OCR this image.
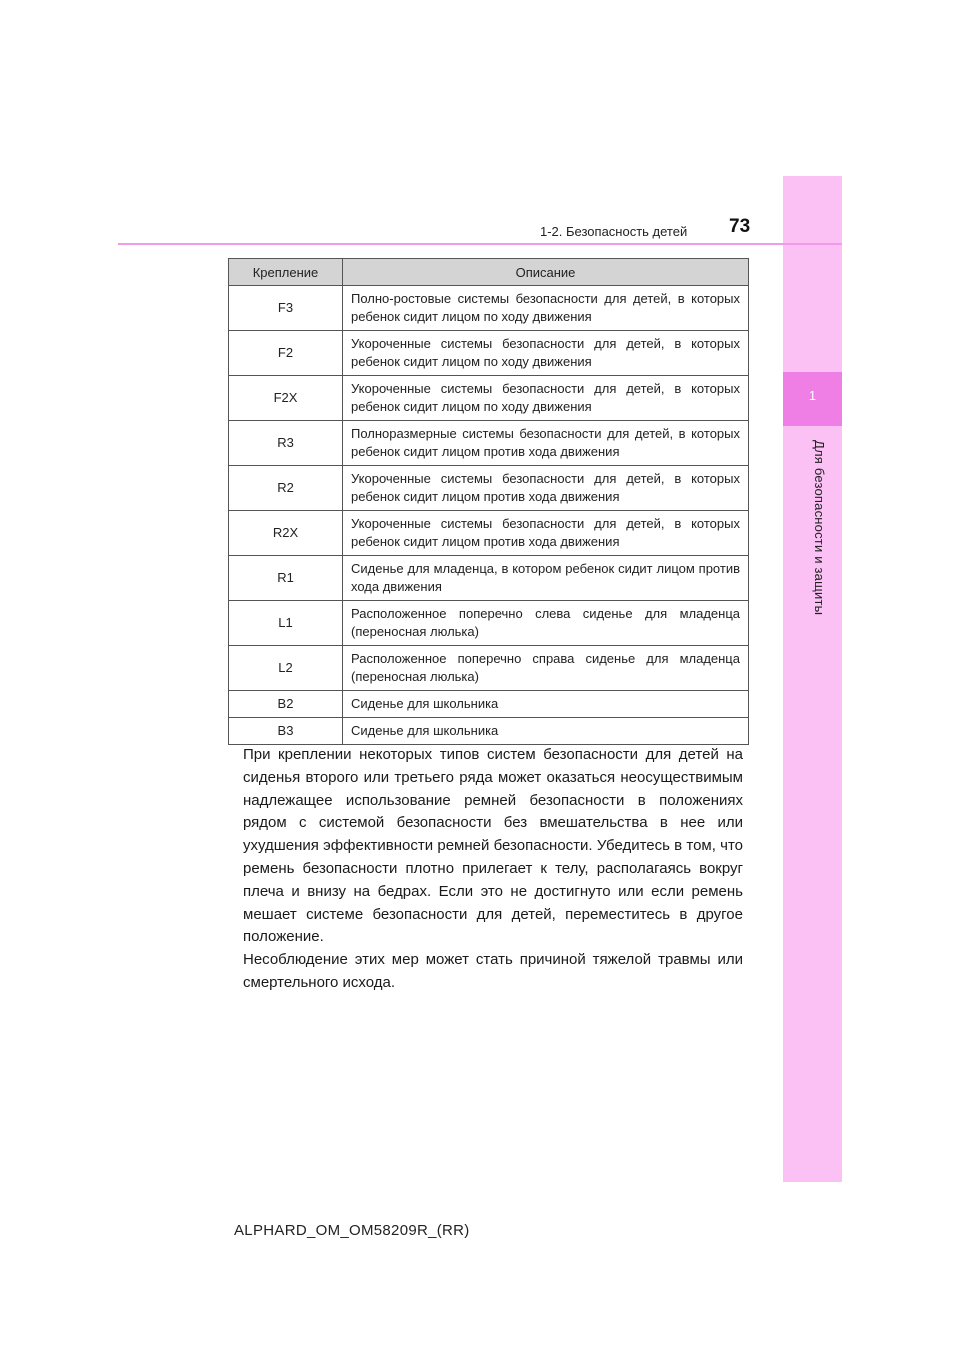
1
Для безопасности и защиты
1-2. Безопасность детей 73
Крепление	Описание
F3	Полно-ростовые системы безопасности для детей, в которых ребенок сидит лицом по ходу движения
F2	Укороченные системы безопасности для детей, в которых ребенок сидит лицом по ходу движения
F2X	Укороченные системы безопасности для детей, в которых ребенок сидит лицом по ходу движения
R3	Полноразмерные системы безопасности для детей, в которых ребенок сидит лицом против хода движения
R2	Укороченные системы безопасности для детей, в которых ребенок сидит лицом против хода движения
R2X	Укороченные системы безопасности для детей, в которых ребенок сидит лицом против хода движения
R1	Сиденье для младенца, в котором ребенок сидит лицом против хода движения
L1	Расположенное поперечно слева сиденье для младенца (переносная люлька)
L2	Расположенное поперечно справа сиденье для младенца (переносная люлька)
B2	Сиденье для школьника
B3	Сиденье для школьника

При креплении некоторых типов систем безопасности для детей на сиденья второго или третьего ряда может оказаться неосуществимым надлежащее использование ремней безопасности в положениях рядом с системой безопасности без вмешательства в нее или ухудшения эффективности ремней безопасности. Убедитесь в том, что ремень безопасности плотно прилегает к телу, располагаясь вокруг плеча и внизу на бедрах. Если это не достигнуто или если ремень мешает системе безопасности для детей, переместитесь в другое положение.

Несоблюдение этих мер может стать причиной тяжелой травмы или смертельного исхода.

ALPHARD_OM_OM58209R_(RR)
